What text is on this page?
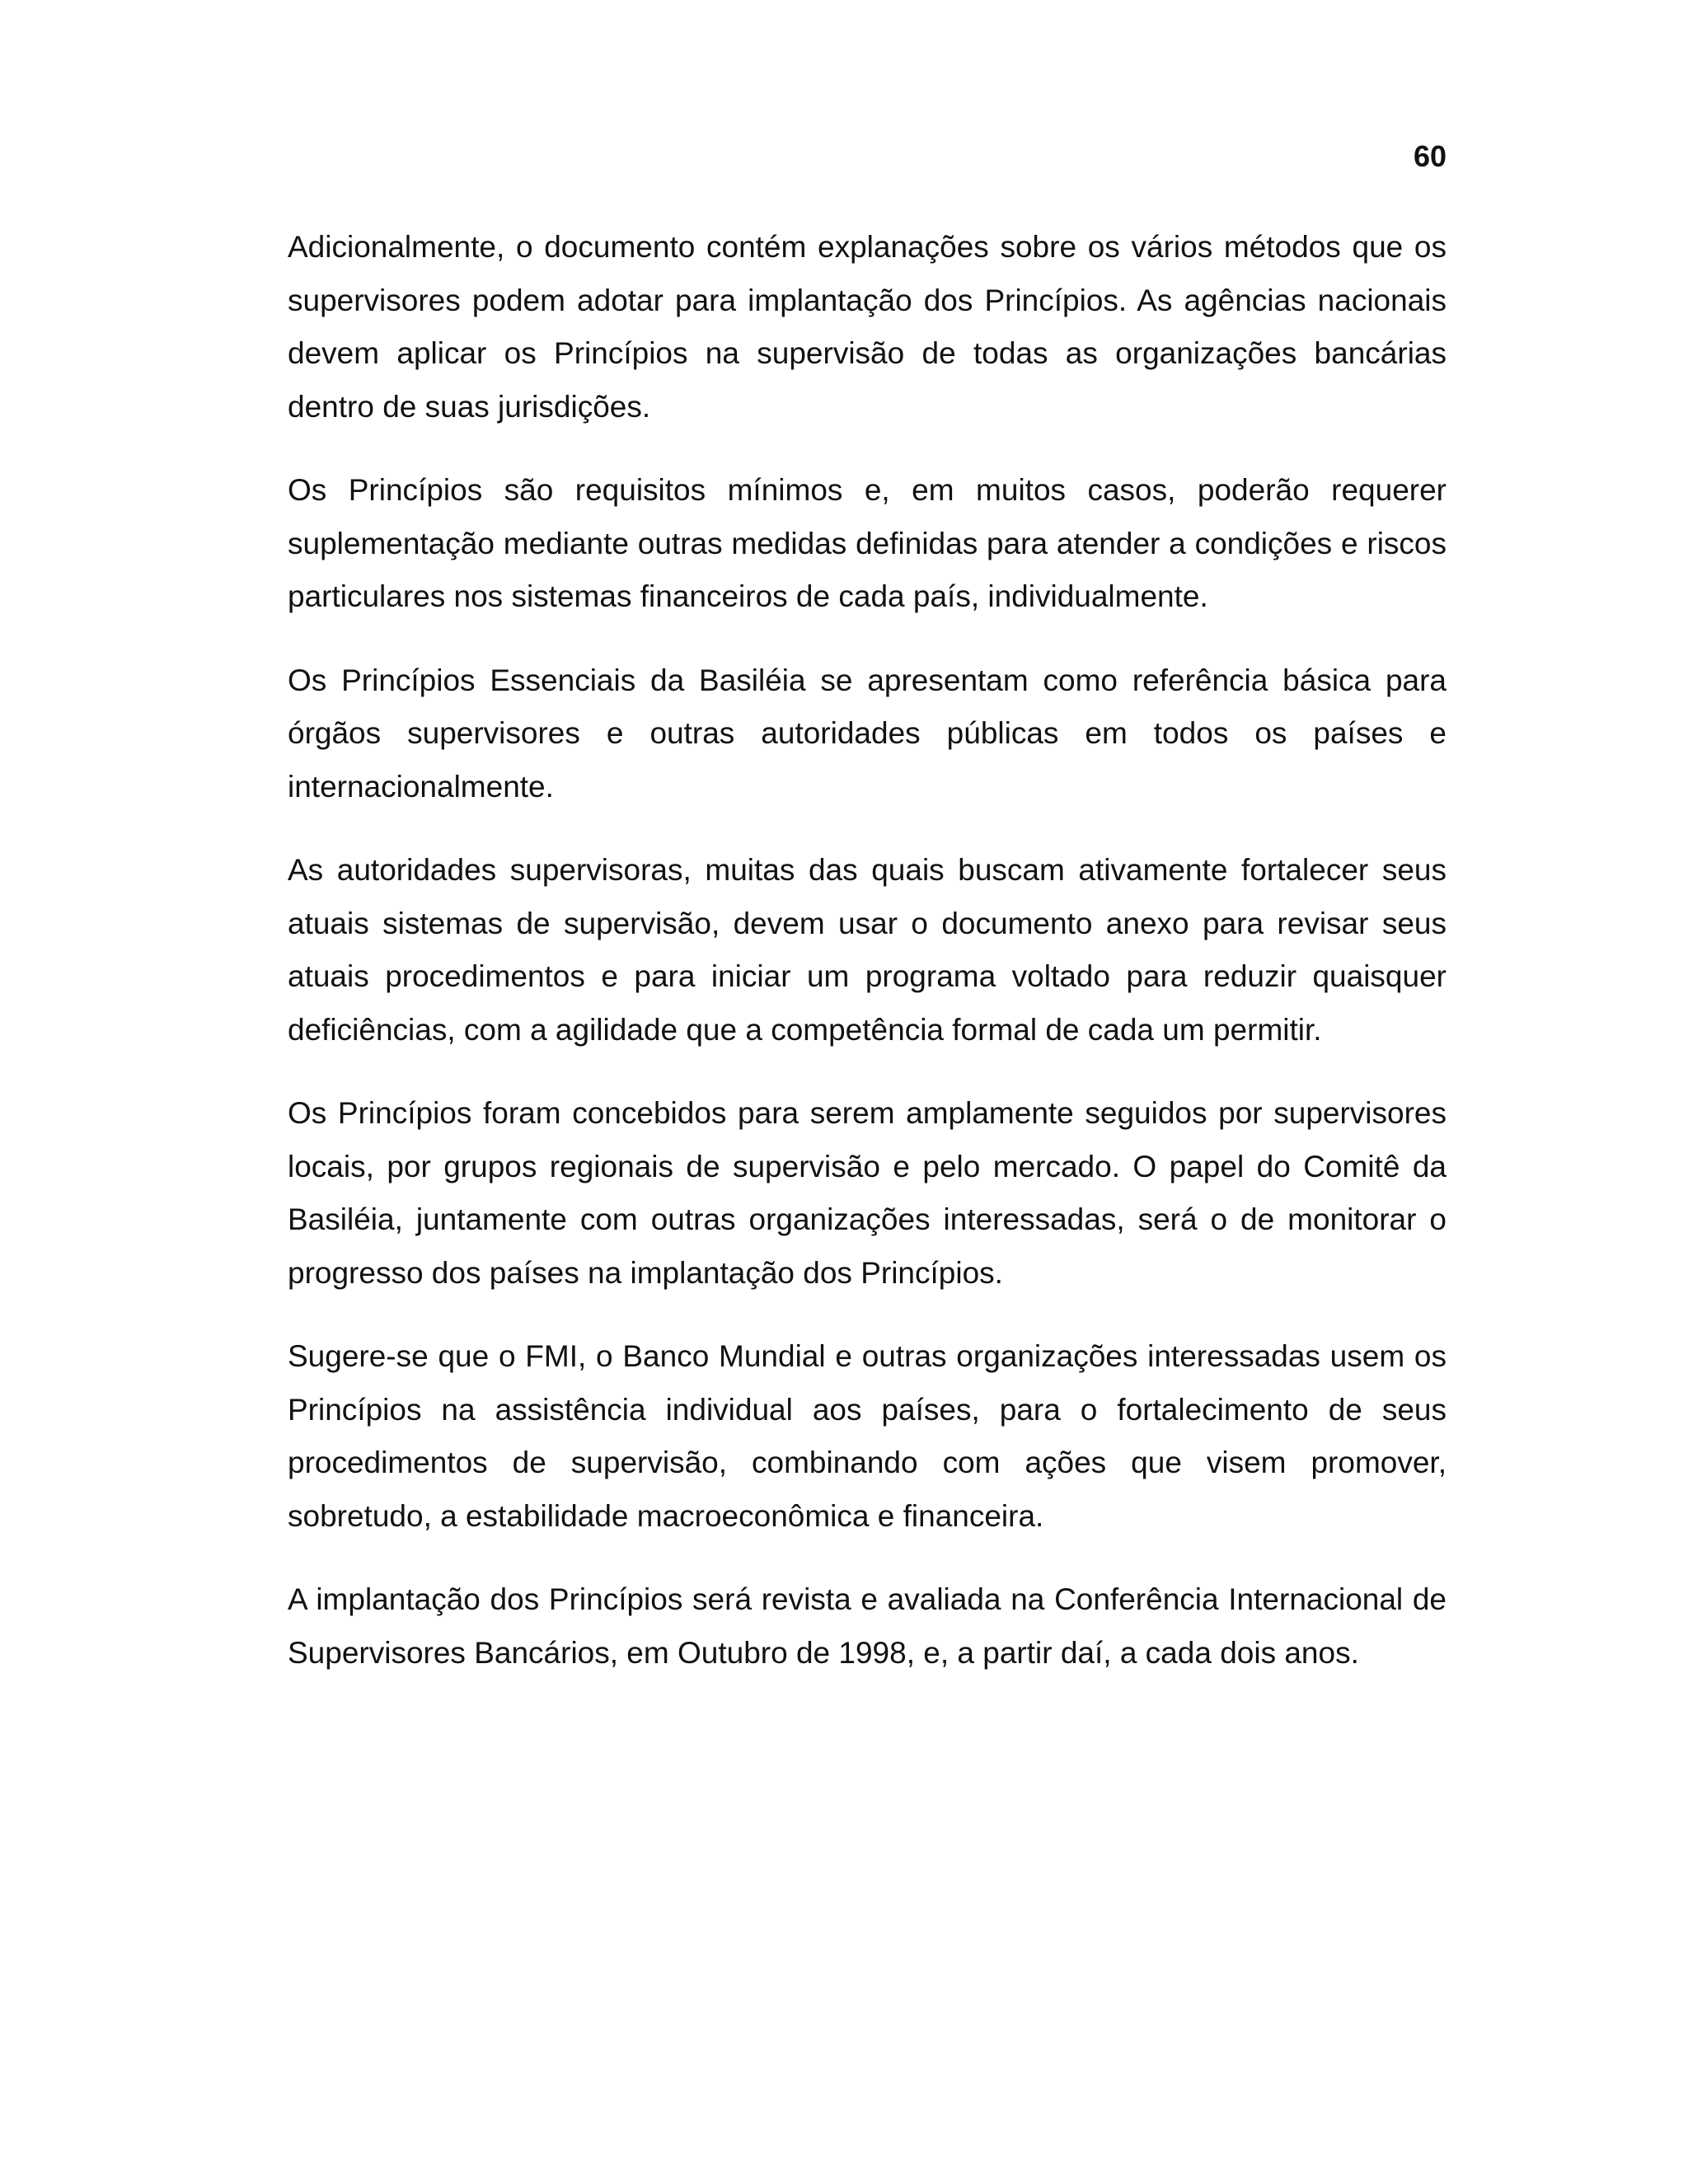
60

Adicionalmente, o documento contém explanações sobre os vários métodos que os supervisores podem adotar para implantação dos Princípios. As agências nacionais devem aplicar os Princípios na supervisão de todas as organizações bancárias dentro de suas jurisdições.

Os Princípios são requisitos mínimos e, em muitos casos, poderão requerer suplementação mediante outras medidas definidas para atender a condições e riscos particulares nos sistemas financeiros de cada país, individualmente.

Os Princípios Essenciais da Basiléia se apresentam como referência básica para órgãos supervisores e outras autoridades públicas em todos os países e internacionalmente.

As autoridades supervisoras, muitas das quais buscam ativamente fortalecer seus atuais sistemas de supervisão, devem usar o documento anexo para revisar seus atuais procedimentos e para iniciar um programa voltado para reduzir quaisquer deficiências, com a agilidade que a competência formal de cada um permitir.

Os Princípios foram concebidos para serem amplamente seguidos por supervisores locais, por grupos regionais de supervisão e pelo mercado. O papel do Comitê da Basiléia, juntamente com outras organizações interessadas, será o de monitorar o progresso dos países na implantação dos Princípios.

Sugere-se que o FMI, o Banco Mundial e outras organizações interessadas usem os Princípios na assistência individual aos países, para o fortalecimento de seus procedimentos de supervisão, combinando com ações que visem promover, sobretudo, a estabilidade macroeconômica e financeira.

A implantação dos Princípios será revista e avaliada na Conferência Internacional de Supervisores Bancários, em Outubro de 1998, e, a partir daí, a cada dois anos.
